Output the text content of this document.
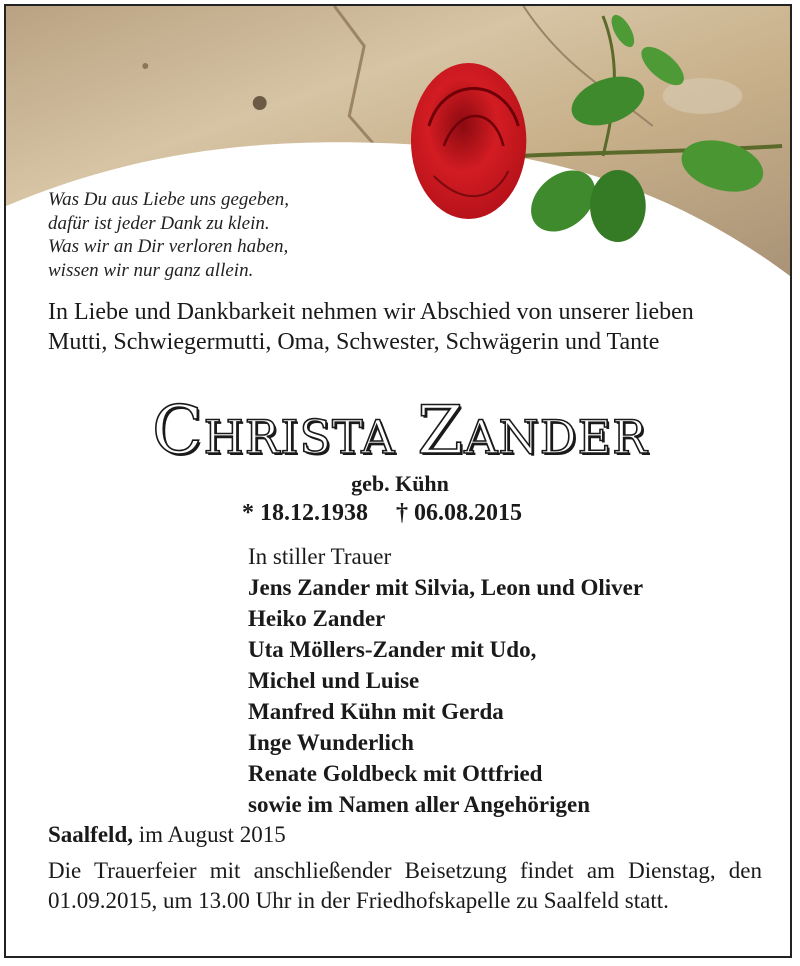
Was Du aus Liebe uns gegeben,
dafür ist jeder Dank zu klein.
Was wir an Dir verloren haben,
wissen wir nur ganz allein.
In Liebe und Dankbarkeit nehmen wir Abschied von unserer lieben Mutti, Schwiegermutti, Oma, Schwester, Schwägerin und Tante
Christa Zander
geb. Kühn
* 18.12.1938 † 06.08.2015
In stiller Trauer
Jens Zander mit Silvia, Leon und Oliver
Heiko Zander
Uta Möllers-Zander mit Udo,
Michel und Luise
Manfred Kühn mit Gerda
Inge Wunderlich
Renate Goldbeck mit Ottfried
sowie im Namen aller Angehörigen
Saalfeld, im August 2015
Die Trauerfeier mit anschließender Beisetzung findet am Dienstag, den 01.09.2015, um 13.00 Uhr in der Friedhofskapelle zu Saalfeld statt.
